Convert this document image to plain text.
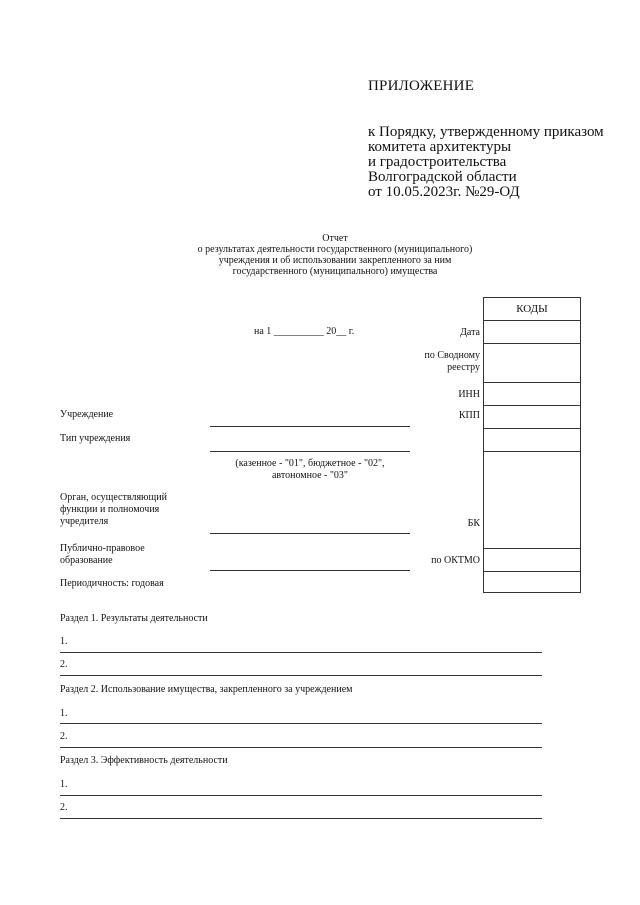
ПРИЛОЖЕНИЕ
к Порядку, утвержденному приказом
комитета архитектуры
и градостроительства
Волгоградской области
от 10.05.2023г. №29-ОД
Отчет
о результатах деятельности государственного (муниципального)
учреждения и об использовании закрепленного за ним
государственного (муниципального) имущества
КОДЫ
на 1 __________ 20__ г.	Дата
по Сводному
реестру
ИНН
КПП
БК
по ОКТМО
Учреждение
Тип учреждения
(казенное - "01", бюджетное - "02",
автономное - "03"
Орган, осуществляющий
функции и полномочия
учредителя
Публично-правовое
образование
Периодичность: годовая
Раздел 1. Результаты деятельности
1.
2.
Раздел 2. Использование имущества, закрепленного за учреждением
1.
2.
Раздел 3. Эффективность деятельности
1.
2.
